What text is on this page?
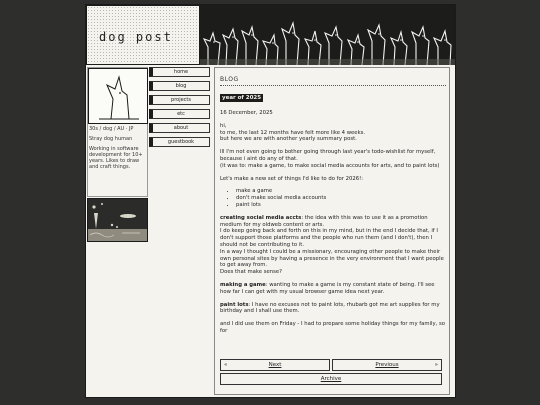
dog post
30s / dog / AU · JP
Stray dog human
Working in software development for 10+ years. Likes to draw and craft things.
home
blog
projects
etc
about
guestbook
BLOG
year of 2025

16 December, 2025

hi,
to me, the last 12 months have felt more like 4 weeks.
but here we are with another yearly summary post.

Ill I'm not even going to bother going through last year's todo-wishlist for myself, because i aint do any of that.
(it was to: make a game, to make social media accounts for arts, and to paint lots)

Let's make a new set of things I'd like to do for 2026!:

• make a game
• don't make social media accounts
• paint lots

creating social media accts: the idea with this was to use it as a promotion medium for my oldweb content or arts.
I do keep going back and forth on this in my mind, but in the end I decide that, if I don't support those platforms and the people who run them (and I don't), then I should not be contributing to it.
In a way I thought I could be a missionary, encouraging other people to make their own personal sites by having a presence in the very environment that I want people to get away from.
Does that make sense?

making a game: wanting to make a game is my constant state of being. I'll see how far I can get with my usual browser game idea next year.

paint lots: I have no excuses not to paint lots, rhubarb got me art supplies for my birthday and I shall use them.

and I did use them on Friday - I had to prepare some holiday things for my family, so for

«	Next	Previous	»
Archive
